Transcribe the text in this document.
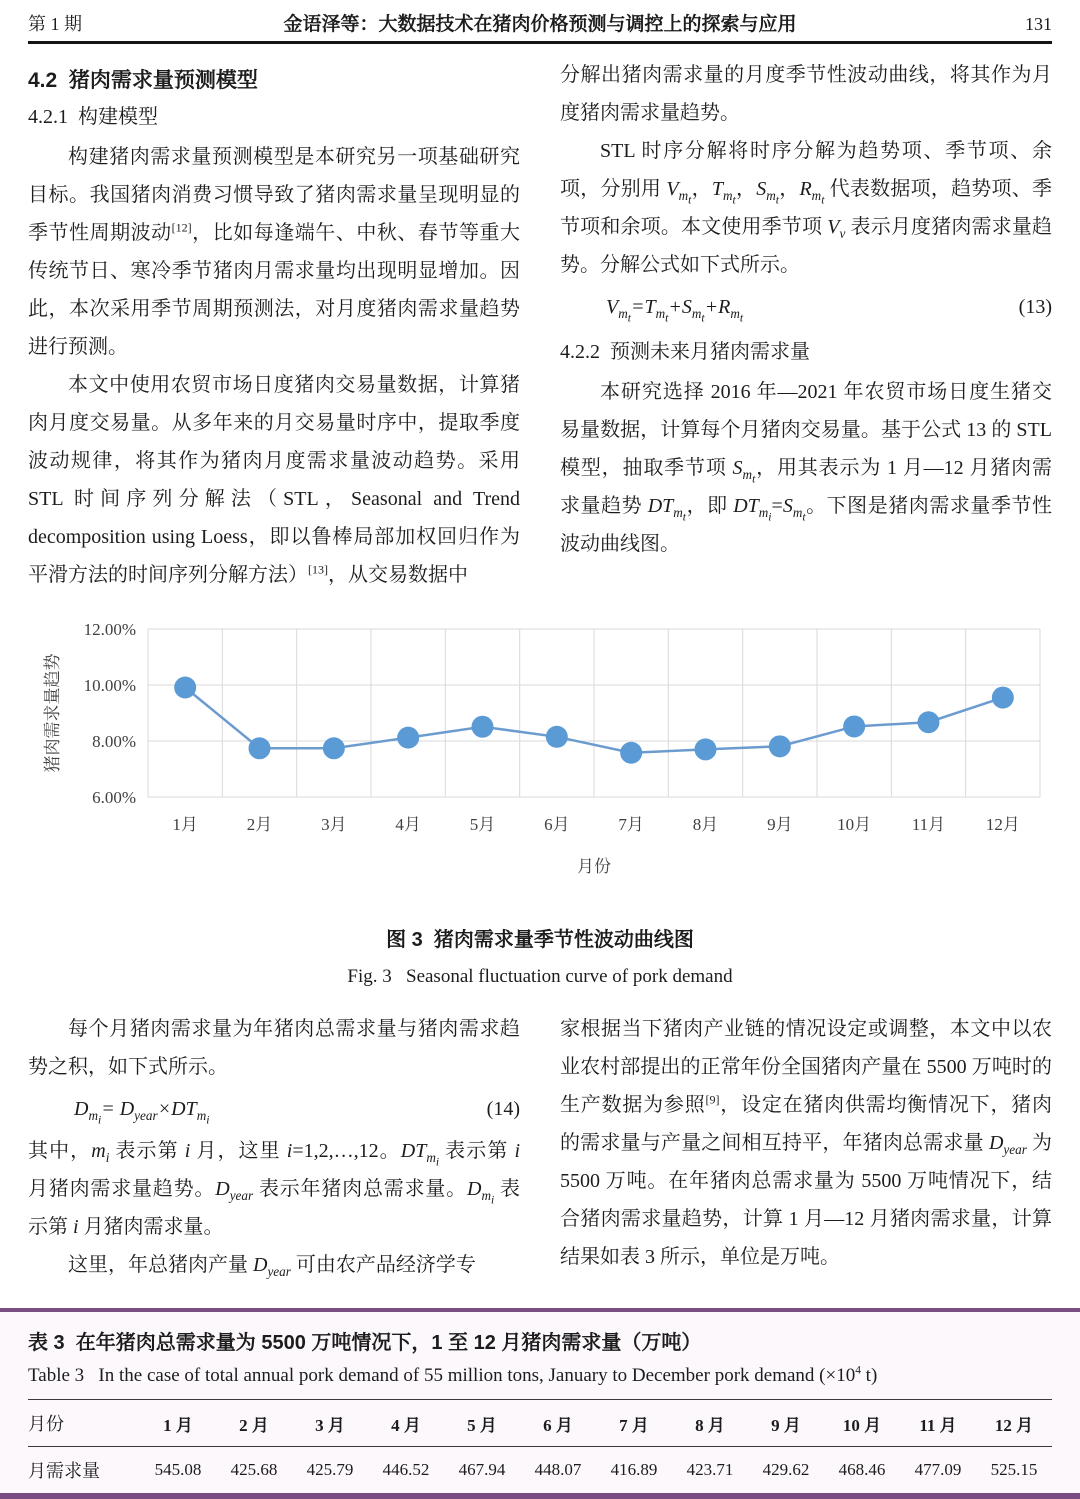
第 1 期	金语泽等：大数据技术在猪肉价格预测与调控上的探索与应用	131
4.2  猪肉需求量预测模型
4.2.1  构建模型

构建猪肉需求量预测模型是本研究另一项基础研究目标。我国猪肉消费习惯导致了猪肉需求量呈现明显的季节性周期波动[12]，比如每逢端午、中秋、春节等重大传统节日、寒冷季节猪肉月需求量均出现明显增加。因此，本次采用季节周期预测法，对月度猪肉需求量趋势进行预测。

本文中使用农贸市场日度猪肉交易量数据，计算猪肉月度交易量。从多年来的月交易量时序中，提取季度波动规律，将其作为猪肉月度需求量波动趋势。采用 STL 时间序列分解法（STL，Seasonal and Trend decomposition using Loess，即以鲁棒局部加权回归作为平滑方法的时间序列分解方法）[13]，从交易数据中

分解出猪肉需求量的月度季节性波动曲线，将其作为月度猪肉需求量趋势。

STL 时序分解将时序分解为趋势项、季节项、余项，分别用 $V_{m_t}$，$T_{m_t}$，$S_{m_t}$，$R_{m_t}$ 代表数据项，趋势项、季节项和余项。本文使用季节项 $V_v$ 表示月度猪肉需求量趋势。分解公式如下式所示。

$V_{m_t}=T_{m_t}+S_{m_t}+R_{m_t}$
(13)
4.2.2  预测未来月猪肉需求量

本研究选择 2016 年—2021 年农贸市场日度生猪交易量数据，计算每个月猪肉交易量。基于公式 13 的 STL 模型，抽取季节项 $S_{m_t}$，用其表示为 1 月—12 月猪肉需求量趋势 $DT_{m_t}$，即 $DT_{m_i}=S_{m_t}$。下图是猪肉需求量季节性波动曲线图。

6.00%
8.00%
10.00%
12.00%
1月	2月	3月	4月	5月	6月	7月	8月	9月	10月 11月 12月
猪肉需求量趋势
月份
图 3  猪肉需求量季节性波动曲线图
Fig. 3   Seasonal fluctuation curve of pork demand

每个月猪肉需求量为年猪肉总需求量与猪肉需求趋势之积，如下式所示。

$D_{m_i}= D_{year}\times DT_{m_i}$
(14)

其中，$m_i$ 表示第 i 月，这里 i=1,2,…,12。$DT_{m_i}$ 表示第 i 月猪肉需求量趋势。$D_{year}$ 表示年猪肉总需求量。$D_{m_i}$ 表示第 i 月猪肉需求量。

这里，年总猪肉产量 $D_{year}$ 可由农产品经济学专

家根据当下猪肉产业链的情况设定或调整，本文中以农业农村部提出的正常年份全国猪肉产量在 5500 万吨时的生产数据为参照[9]，设定在猪肉供需均衡情况下，猪肉的需求量与产量之间相互持平，年猪肉总需求量 $D_{year}$ 为 5500 万吨。在年猪肉总需求量为 5500 万吨情况下，结合猪肉需求量趋势，计算 1 月—12 月猪肉需求量，计算结果如表 3 所示，单位是万吨。

表 3  在年猪肉总需求量为 5500 万吨情况下，1 至 12 月猪肉需求量（万吨）
Table 3   In the case of total annual pork demand of 55 million tons, January to December pork demand ($\times 10^4$ t)
月份	1 月	2 月	3 月	4 月	5 月	6 月	7 月	8 月	9 月	10 月	11 月	12 月
月需求量	545.08	425.68	425.79	446.52	467.94	448.07	416.89	423.71	429.62	468.46	477.09	525.15
